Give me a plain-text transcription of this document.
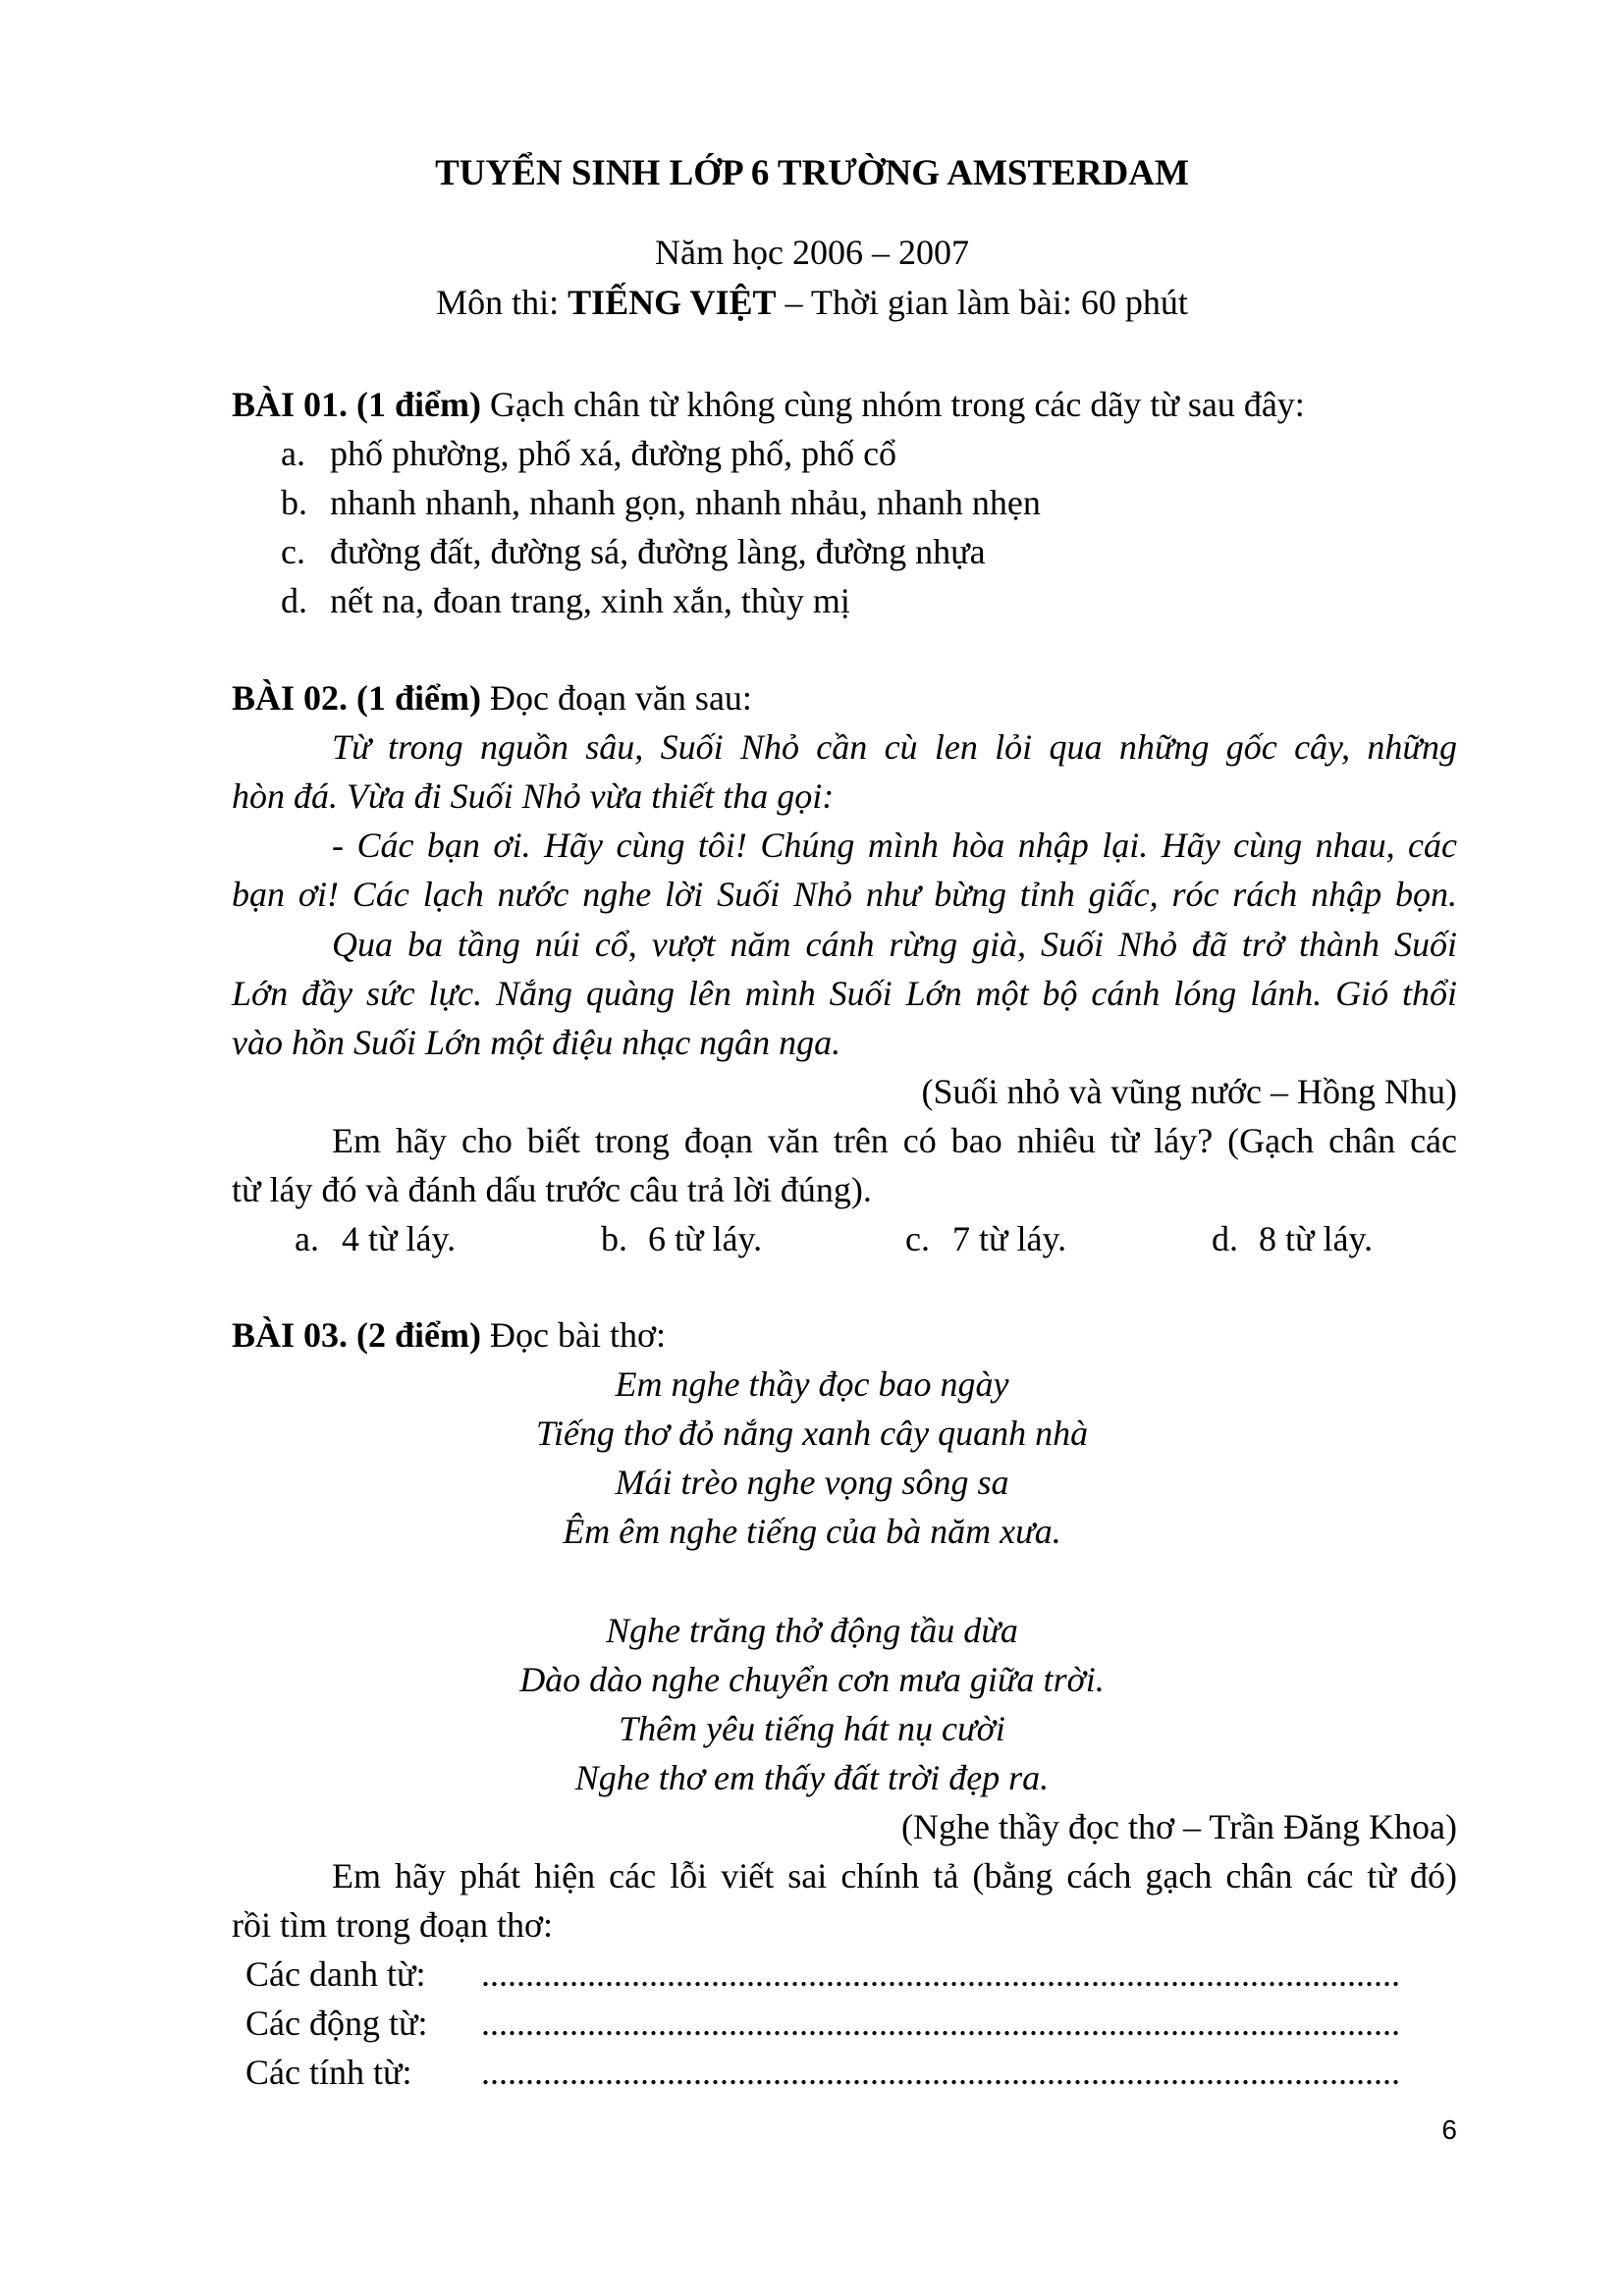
TUYỂN SINH LỚP 6 TRƯỜNG AMSTERDAM
Năm học 2006 – 2007
Môn thi: TIẾNG VIỆT – Thời gian làm bài: 60 phút
BÀI 01. (1 điểm) Gạch chân từ không cùng nhóm trong các dãy từ sau đây:
a. phố phường, phố xá, đường phố, phố cổ
b. nhanh nhanh, nhanh gọn, nhanh nhảu, nhanh nhẹn
c. đường đất, đường sá, đường làng, đường nhựa
d. nết na, đoan trang, xinh xắn, thùy mị
BÀI 02. (1 điểm) Đọc đoạn văn sau:
Từ trong nguồn sâu, Suối Nhỏ cần cù len lỏi qua những gốc cây, những
hòn đá. Vừa đi Suối Nhỏ vừa thiết tha gọi:
- Các bạn ơi. Hãy cùng tôi! Chúng mình hòa nhập lại. Hãy cùng nhau, các
bạn ơi! Các lạch nước nghe lời Suối Nhỏ như bừng tỉnh giấc, róc rách nhập bọn.
Qua ba tầng núi cổ, vượt năm cánh rừng già, Suối Nhỏ đã trở thành Suối
Lớn đầy sức lực. Nắng quàng lên mình Suối Lớn một bộ cánh lóng lánh. Gió thổi
vào hồn Suối Lớn một điệu nhạc ngân nga.
(Suối nhỏ và vũng nước – Hồng Nhu)
Em hãy cho biết trong đoạn văn trên có bao nhiêu từ láy? (Gạch chân các
từ láy đó và đánh dấu trước câu trả lời đúng).
a. 4 từ láy.	b. 6 từ láy.	c. 7 từ láy.	d. 8 từ láy.
BÀI 03. (2 điểm) Đọc bài thơ:
Em nghe thầy đọc bao ngày
Tiếng thơ đỏ nắng xanh cây quanh nhà
Mái trèo nghe vọng sông sa
Êm êm nghe tiếng của bà năm xưa.
Nghe trăng thở động tầu dừa
Dào dào nghe chuyển cơn mưa giữa trời.
Thêm yêu tiếng hát nụ cười
Nghe thơ em thấy đất trời đẹp ra.
(Nghe thầy đọc thơ – Trần Đăng Khoa)
Em hãy phát hiện các lỗi viết sai chính tả (bằng cách gạch chân các từ đó)
rồi tìm trong đoạn thơ:
Các danh từ: ........................................................................................................
Các động từ: ........................................................................................................
Các tính từ: ........................................................................................................
6
